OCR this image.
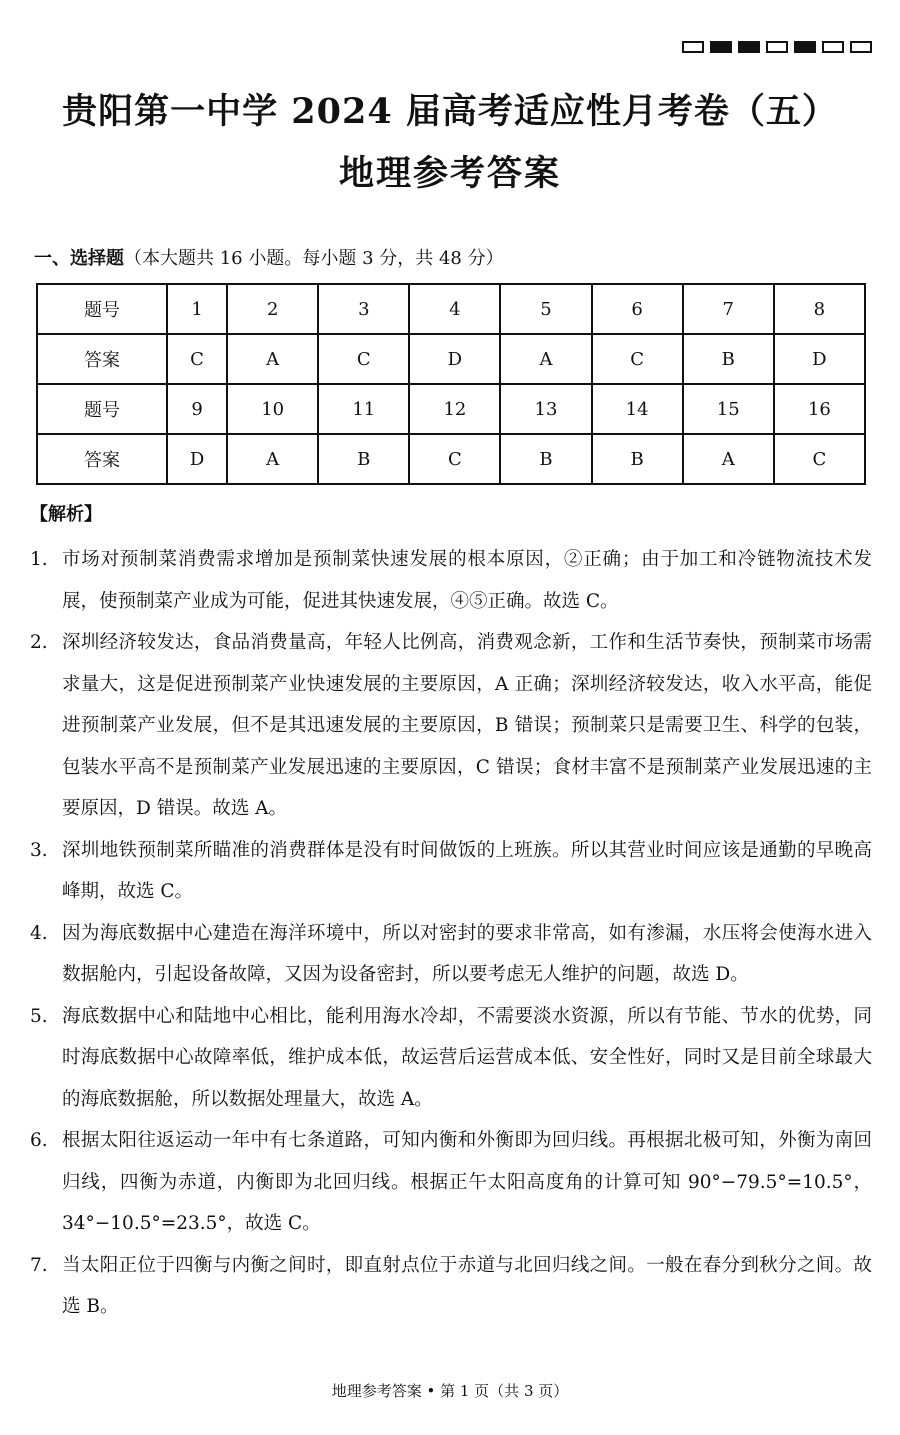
贵阳第一中学 2024 届高考适应性月考卷（五）
地理参考答案
一、选择题（本大题共 16 小题。每小题 3 分，共 48 分）
题号	1	2	3	4	5	6	7	8
答案	C	A	C	D	A	C	B	D
题号	9	10	11	12	13	14	15	16
答案	D	A	B	C	B	B	A	C
【解析】
1. 市场对预制菜消费需求增加是预制菜快速发展的根本原因，②正确；由于加工和冷链物流技术发展，使预制菜产业成为可能，促进其快速发展，④⑤正确。故选 C。
2. 深圳经济较发达，食品消费量高，年轻人比例高，消费观念新，工作和生活节奏快，预制菜市场需求量大，这是促进预制菜产业快速发展的主要原因，A 正确；深圳经济较发达，收入水平高，能促进预制菜产业发展，但不是其迅速发展的主要原因，B 错误；预制菜只是需要卫生、科学的包装，包装水平高不是预制菜产业发展迅速的主要原因，C 错误；食材丰富不是预制菜产业发展迅速的主要原因，D 错误。故选 A。
3. 深圳地铁预制菜所瞄准的消费群体是没有时间做饭的上班族。所以其营业时间应该是通勤的早晚高峰期，故选 C。
4. 因为海底数据中心建造在海洋环境中，所以对密封的要求非常高，如有渗漏，水压将会使海水进入数据舱内，引起设备故障，又因为设备密封，所以要考虑无人维护的问题，故选 D。
5. 海底数据中心和陆地中心相比，能利用海水冷却，不需要淡水资源，所以有节能、节水的优势，同时海底数据中心故障率低，维护成本低，故运营后运营成本低、安全性好，同时又是目前全球最大的海底数据舱，所以数据处理量大，故选 A。
6. 根据太阳往返运动一年中有七条道路，可知内衡和外衡即为回归线。再根据北极可知，外衡为南回归线，四衡为赤道，内衡即为北回归线。根据正午太阳高度角的计算可知 90°−79.5°=10.5°，34°−10.5°=23.5°，故选 C。
7. 当太阳正位于四衡与内衡之间时，即直射点位于赤道与北回归线之间。一般在春分到秋分之间。故选 B。
地理参考答案 • 第 1 页（共 3 页）
